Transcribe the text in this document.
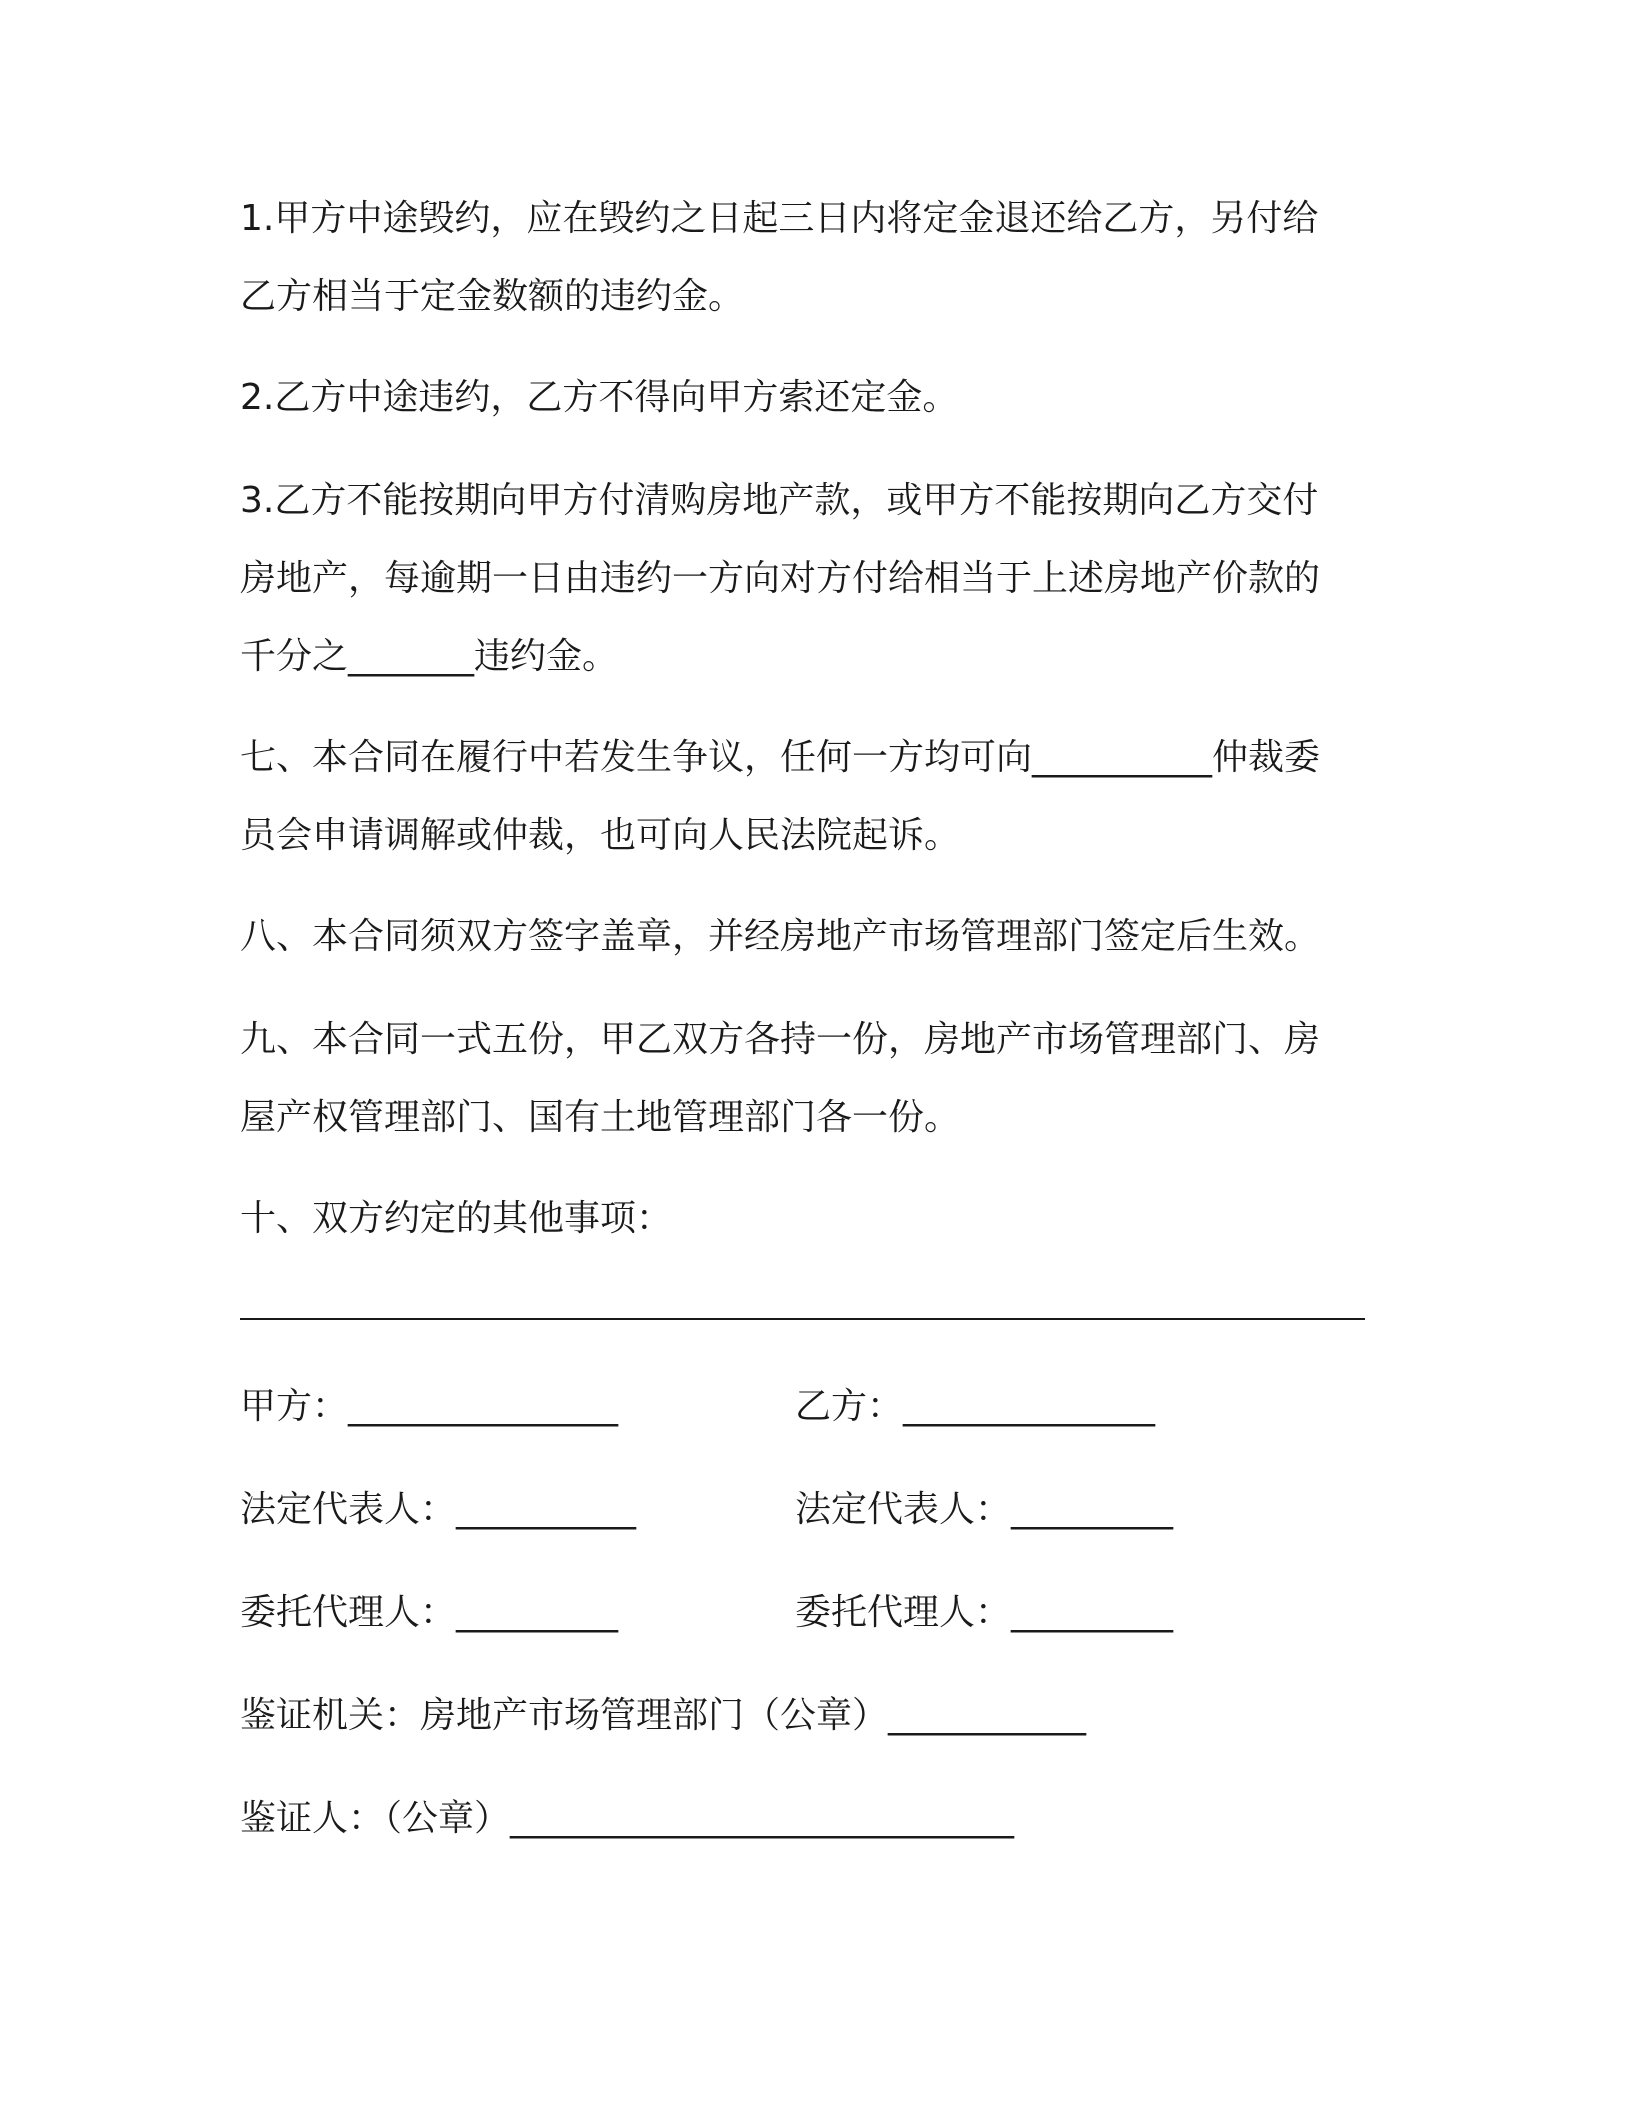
1.甲方中途毁约，应在毁约之日起三日内将定金退还给乙方，另付给
乙方相当于定金数额的违约金。

2.乙方中途违约，乙方不得向甲方索还定金。

3.乙方不能按期向甲方付清购房地产款，或甲方不能按期向乙方交付
房地产，每逾期一日由违约一方向对方付给相当于上述房地产价款的
千分之_______违约金。

七、本合同在履行中若发生争议，任何一方均可向__________仲裁委
员会申请调解或仲裁，也可向人民法院起诉。

八、本合同须双方签字盖章，并经房地产市场管理部门签定后生效。

九、本合同一式五份，甲乙双方各持一份，房地产市场管理部门、房
屋产权管理部门、国有土地管理部门各一份。

十、双方约定的其他事项：

甲方：_______________	乙方：______________
法定代表人：__________	法定代表人：_________
委托代理人：_________	委托代理人：_________
鉴证机关：房地产市场管理部门（公章）___________
鉴证人：（公章）____________________________
